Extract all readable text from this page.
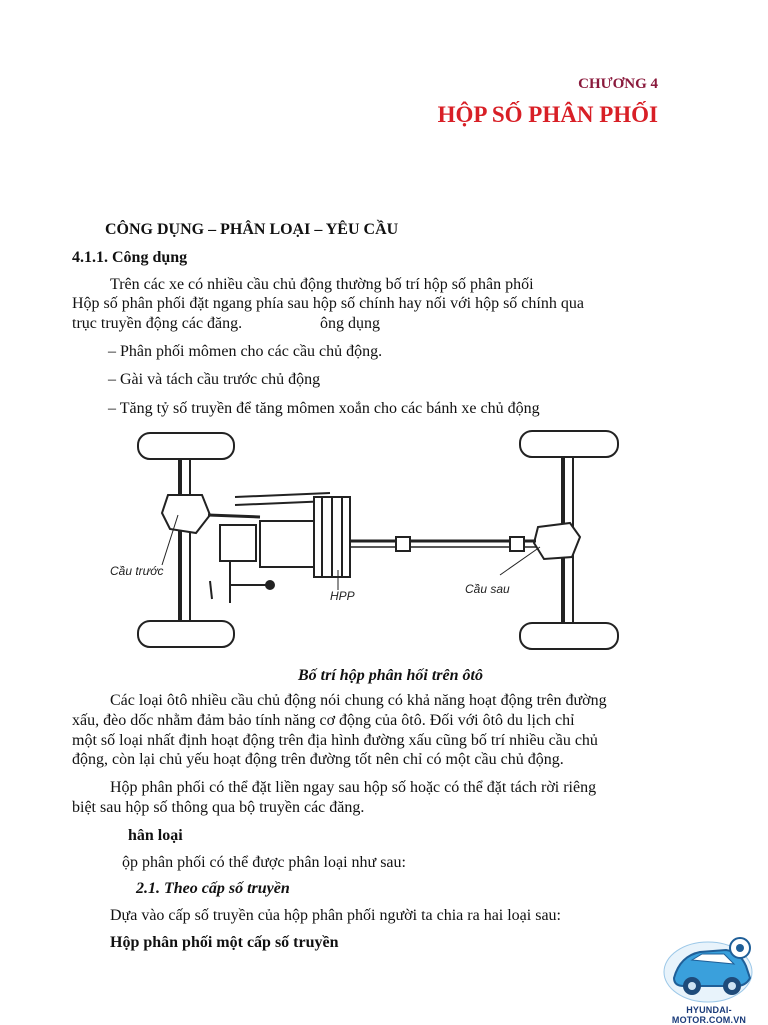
CHƯƠNG 4
HỘP SỐ PHÂN PHỐI
CÔNG DỤNG – PHÂN LOẠI – YÊU CẦU
4.1.1. Công dụng
Trên các xe có nhiều cầu chủ động thường bố trí hộp số phân phối
Hộp số phân phối đặt ngang phía sau hộp số chính hay nối với hộp số chính qua
trục truyền động các đăng.	ông dụng
– Phân phối mômen cho các cầu chủ động.
– Gài và tách cầu trước chủ động
– Tăng tỷ số truyền để tăng mômen xoắn cho các bánh xe chủ động
Cầu trước
HPP	Cầu sau
Bố trí hộp phân hối trên ôtô
Các loại ôtô nhiều cầu chủ động nói chung có khả năng hoạt động trên đường
xấu, đèo dốc nhằm đảm bảo tính năng cơ động của ôtô. Đối với ôtô du lịch chỉ
một số loại nhất định hoạt động trên địa hình đường xấu cũng bố trí nhiều cầu chủ
động, còn lại chủ yếu hoạt động trên đường tốt nên chỉ có một cầu chủ động.
Hộp phân phối có thể đặt liền ngay sau hộp số hoặc có thể đặt tách rời riêng
biệt sau hộp số thông qua bộ truyền các đăng.
hân loại
ộp phân phối có thể được phân loại như sau:
2.1. Theo cấp số truyền
Dựa vào cấp số truyền của hộp phân phối người ta chia ra hai loại sau:
Hộp phân phối một cấp số truyền
HYUNDAI-MOTOR.COM.VN
